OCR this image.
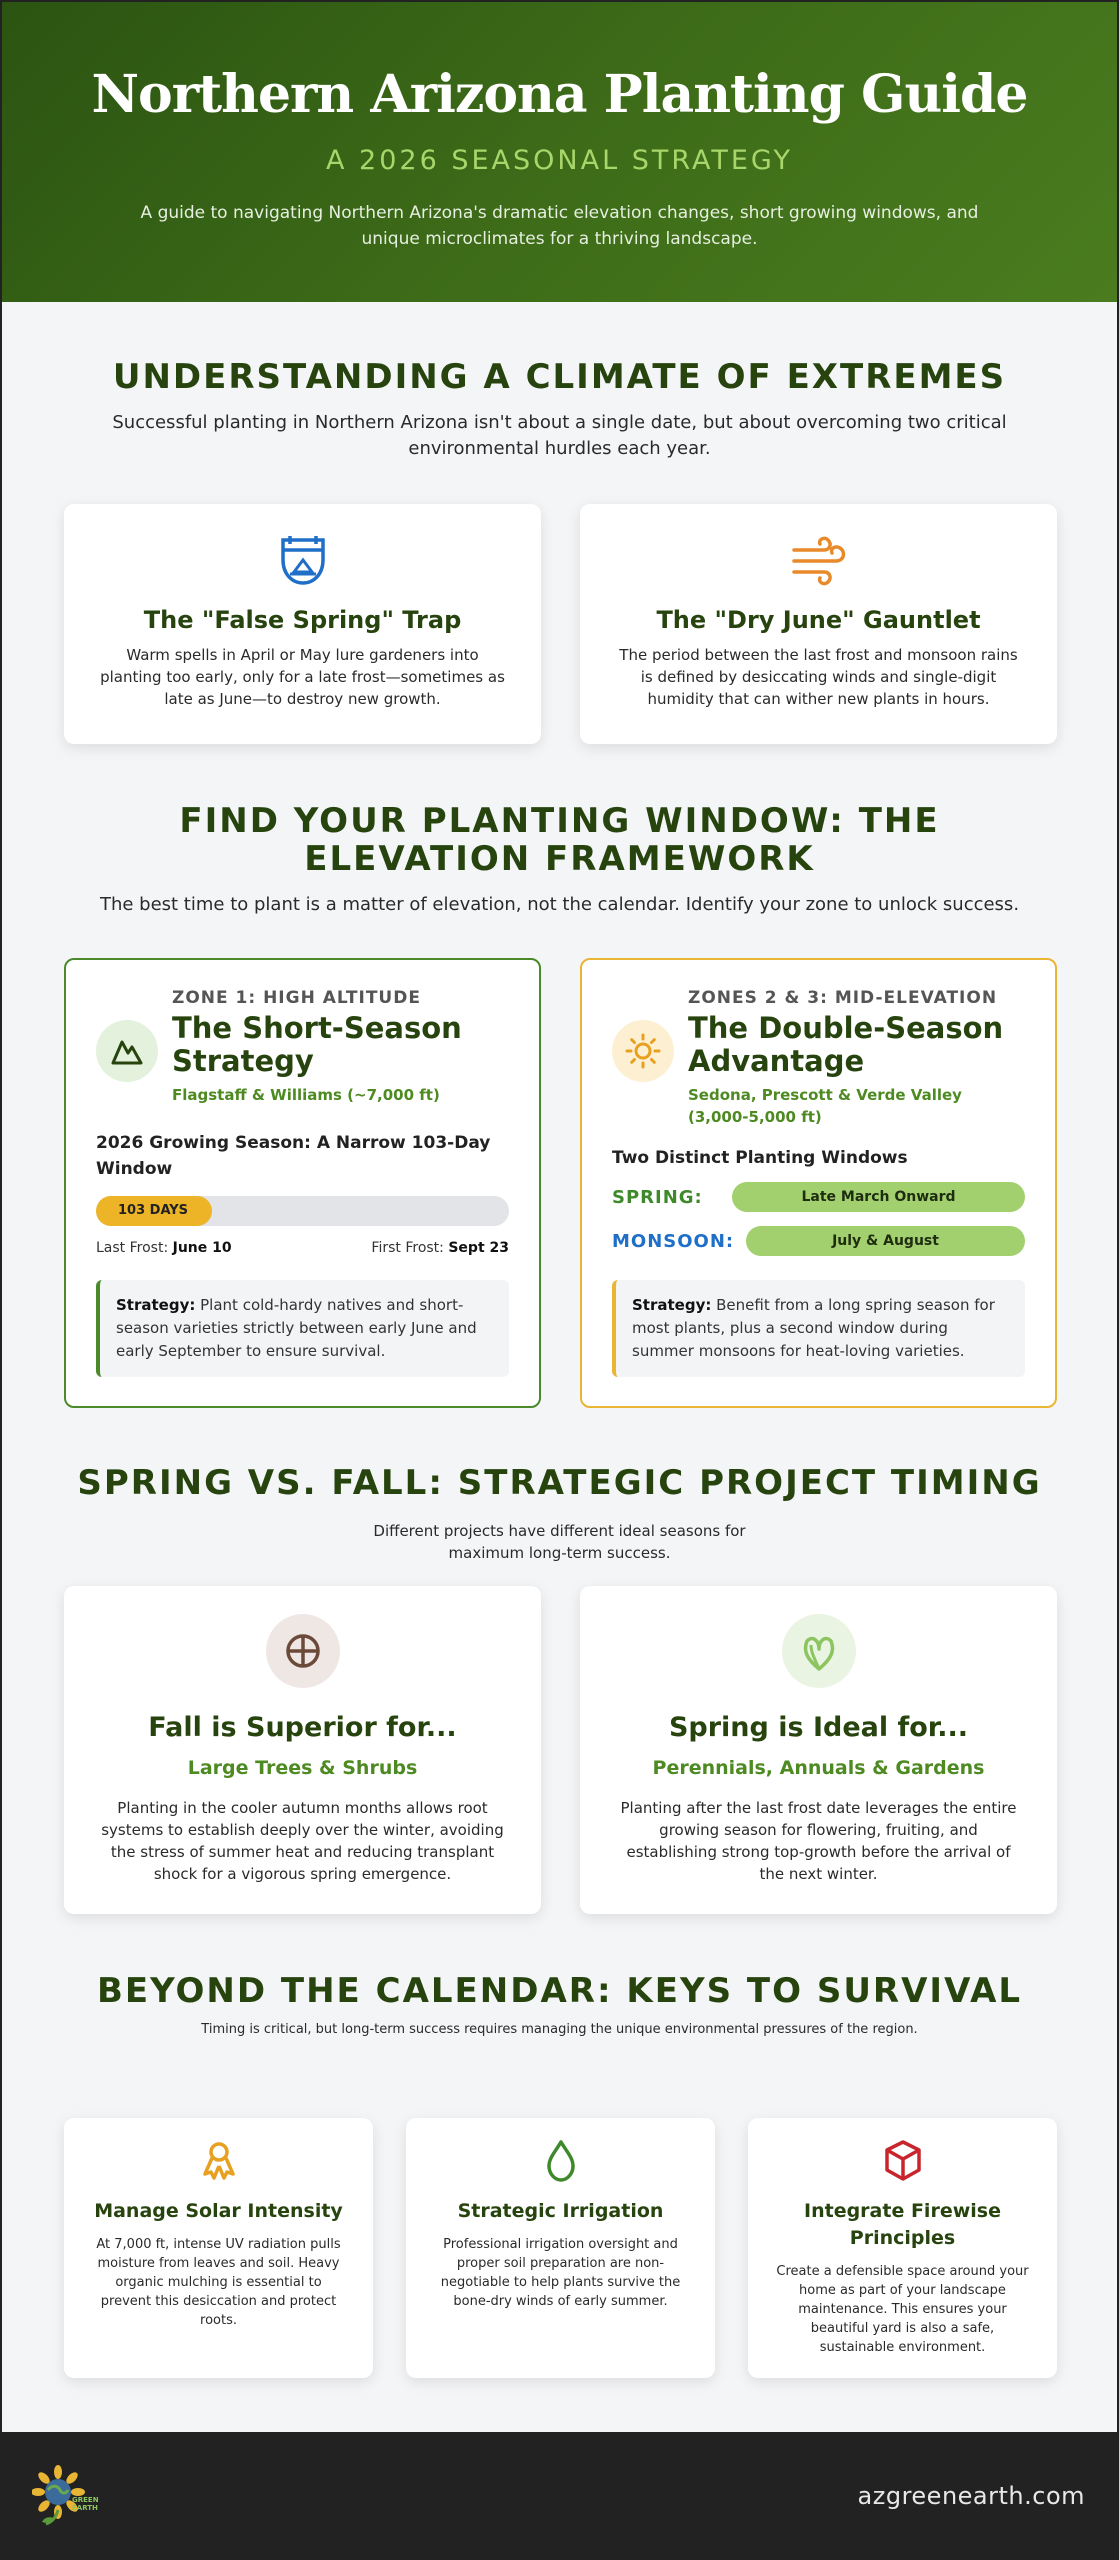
Northern Arizona Planting Guide
A 2026 SEASONAL STRATEGY

A guide to navigating Northern Arizona's dramatic elevation changes, short growing windows, and unique microclimates for a thriving landscape.

UNDERSTANDING A CLIMATE OF EXTREMES

Successful planting in Northern Arizona isn't about a single date, but about overcoming two critical environmental hurdles each year.

The "False Spring" Trap

Warm spells in April or May lure gardeners into planting too early, only for a late frost—sometimes as late as June—to destroy new growth.

The "Dry June" Gauntlet

The period between the last frost and monsoon rains is defined by desiccating winds and single-digit humidity that can wither new plants in hours.

FIND YOUR PLANTING WINDOW: THE ELEVATION FRAMEWORK

The best time to plant is a matter of elevation, not the calendar. Identify your zone to unlock success.

ZONE 1: HIGH ALTITUDE
The Short-Season Strategy
Flagstaff & Williams (~7,000 ft)
2026 Growing Season: A Narrow 103-Day Window
103 DAYS
Last Frost: June 10	First Frost: Sept 23
Strategy: Plant cold-hardy natives and short-season varieties strictly between early June and early September to ensure survival.
ZONES 2 & 3: MID-ELEVATION
The Double-Season Advantage
Sedona, Prescott & Verde Valley (3,000-5,000 ft)
Two Distinct Planting Windows
SPRING:	Late March Onward
MONSOON:	July & August
Strategy: Benefit from a long spring season for most plants, plus a second window during summer monsoons for heat-loving varieties.
SPRING VS. FALL: STRATEGIC PROJECT TIMING

Different projects have different ideal seasons for maximum long-term success.

Fall is Superior for...
Large Trees & Shrubs

Planting in the cooler autumn months allows root systems to establish deeply over the winter, avoiding the stress of summer heat and reducing transplant shock for a vigorous spring emergence.

Spring is Ideal for...
Perennials, Annuals & Gardens

Planting after the last frost date leverages the entire growing season for flowering, fruiting, and establishing strong top-growth before the arrival of the next winter.

BEYOND THE CALENDAR: KEYS TO SURVIVAL

Timing is critical, but long-term success requires managing the unique environmental pressures of the region.

Manage Solar Intensity

At 7,000 ft, intense UV radiation pulls moisture from leaves and soil. Heavy organic mulching is essential to prevent this desiccation and protect roots.

Strategic Irrigation

Professional irrigation oversight and proper soil preparation are non-negotiable to help plants survive the bone-dry winds of early summer.

Integrate Firewise Principles

Create a defensible space around your home as part of your landscape maintenance. This ensures your beautiful yard is also a safe, sustainable environment.

GREEN
EARTH	azgreenearth.com
